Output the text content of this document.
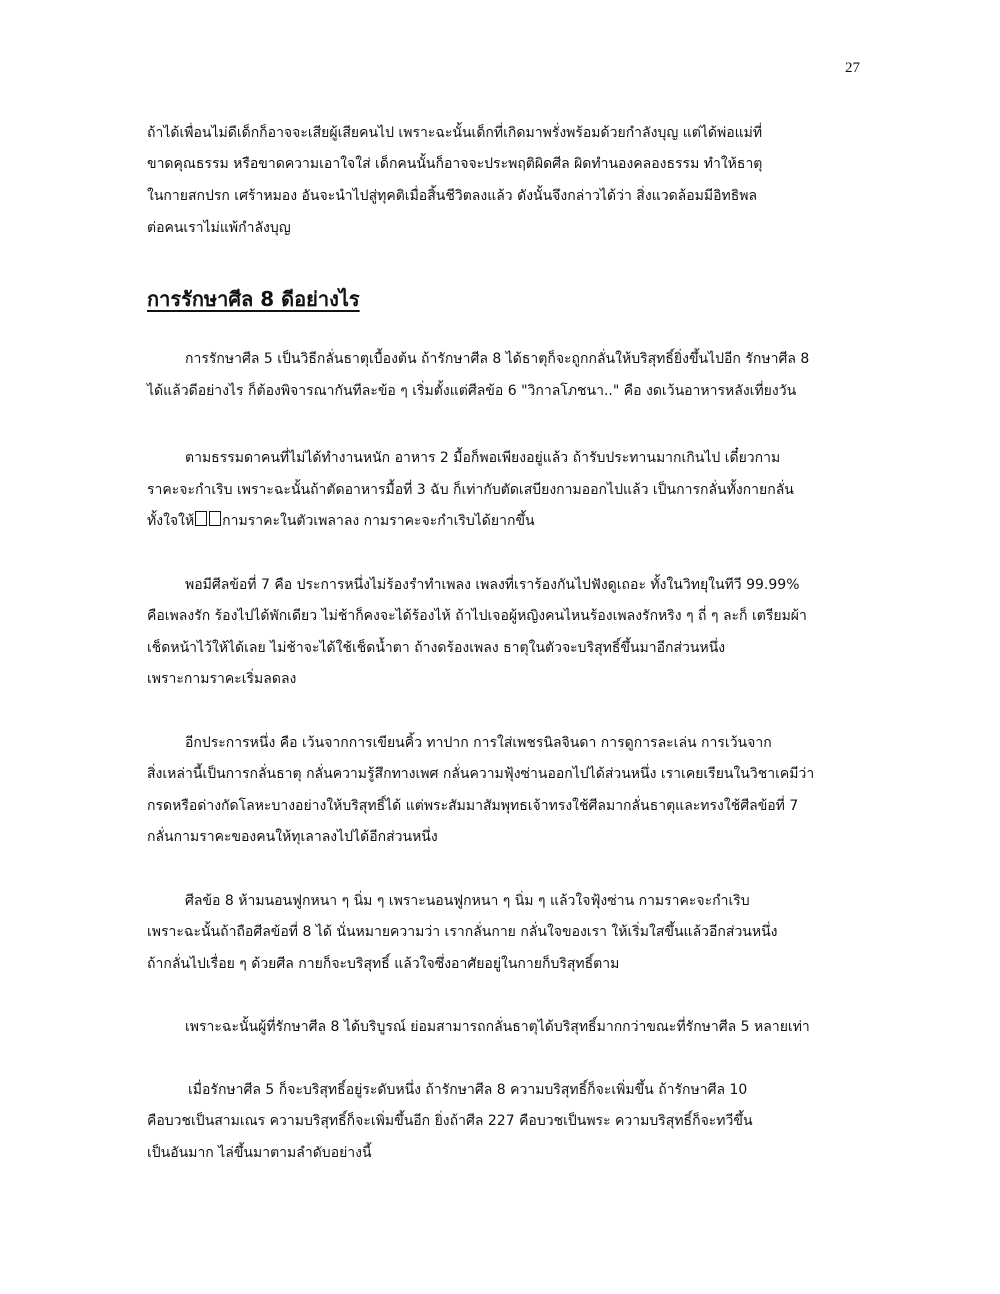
27
ถ้าได้เพื่อนไม่ดีเด็กก็อาจจะเสียผู้เสียคนไป เพราะฉะนั้นเด็กที่เกิดมาพรั่งพร้อมด้วยกำลังบุญ แต่ได้พ่อแม่ที่
ขาดคุณธรรม หรือขาดความเอาใจใส่ เด็กคนนั้นก็อาจจะประพฤติผิดศีล ผิดทำนองคลองธรรม ทำให้ธาตุ
ในกายสกปรก เศร้าหมอง อันจะนำไปสู่ทุคติเมื่อสิ้นชีวิตลงแล้ว ดังนั้นจึงกล่าวได้ว่า สิ่งแวดล้อมมีอิทธิพล
ต่อคนเราไม่แพ้กำลังบุญ
การรักษาศีล 8 ดีอย่างไร
การรักษาศีล 5 เป็นวิธีกลั่นธาตุเบื้องต้น ถ้ารักษาศีล 8 ได้ธาตุก็จะถูกกลั่นให้บริสุทธิ์ยิ่งขึ้นไปอีก รักษาศีล 8
ได้แล้วดีอย่างไร ก็ต้องพิจารณากันทีละข้อ ๆ เริ่มตั้งแต่ศีลข้อ 6 "วิกาลโภชนา.." คือ งดเว้นอาหารหลังเที่ยงวัน
ตามธรรมดาคนที่ไม่ได้ทำงานหนัก อาหาร 2 มื้อก็พอเพียงอยู่แล้ว ถ้ารับประทานมากเกินไป เดี๋ยวกาม
ราคะจะกำเริบ เพราะฉะนั้นถ้าตัดอาหารมื้อที่ 3 ฉับ ก็เท่ากับตัดเสบียงกามออกไปแล้ว เป็นการกลั่นทั้งกายกลั่น
ทั้งใจให้ กามราคะในตัวเพลาลง กามราคะจะกำเริบได้ยากขึ้น
พอมีศีลข้อที่ 7 คือ ประการหนึ่งไม่ร้องรำทำเพลง เพลงที่เราร้องกันไปฟังดูเถอะ ทั้งในวิทยุในทีวี 99.99%
คือเพลงรัก ร้องไปได้พักเดียว ไม่ช้าก็คงจะได้ร้องไห้ ถ้าไปเจอผู้หญิงคนไหนร้องเพลงรักหริง ๆ ถี่ ๆ ละก็ เตรียมผ้า
เช็ดหน้าไว้ให้ได้เลย ไม่ช้าจะได้ใช้เช็ดน้ำตา ถ้างดร้องเพลง ธาตุในตัวจะบริสุทธิ์ขึ้นมาอีกส่วนหนึ่ง
เพราะกามราคะเริ่มลดลง
อีกประการหนึ่ง คือ เว้นจากการเขียนคิ้ว ทาปาก การใส่เพชรนิลจินดา การดูการละเล่น การเว้นจาก
สิ่งเหล่านี้เป็นการกลั่นธาตุ กลั่นความรู้สึกทางเพศ กลั่นความฟุ้งซ่านออกไปได้ส่วนหนึ่ง เราเคยเรียนในวิชาเคมีว่า
กรดหรือด่างกัดโลหะบางอย่างให้บริสุทธิ์ได้ แต่พระสัมมาสัมพุทธเจ้าทรงใช้ศีลมากลั่นธาตุและทรงใช้ศีลข้อที่ 7
กลั่นกามราคะของคนให้ทุเลาลงไปได้อีกส่วนหนึ่ง
ศีลข้อ 8 ห้ามนอนฟูกหนา ๆ นิ่ม ๆ เพราะนอนฟูกหนา ๆ นิ่ม ๆ แล้วใจฟุ้งซ่าน กามราคะจะกำเริบ
เพราะฉะนั้นถ้าถือศีลข้อที่ 8 ได้ นั่นหมายความว่า เรากลั่นกาย กลั่นใจของเรา ให้เริ่มใสขึ้นแล้วอีกส่วนหนึ่ง
ถ้ากลั่นไปเรื่อย ๆ ด้วยศีล กายก็จะบริสุทธิ์ แล้วใจซึ่งอาศัยอยู่ในกายก็บริสุทธิ์ตาม
เพราะฉะนั้นผู้ที่รักษาศีล 8 ได้บริบูรณ์ ย่อมสามารถกลั่นธาตุได้บริสุทธิ์มากกว่าขณะที่รักษาศีล 5 หลายเท่า
เมื่อรักษาศีล 5 ก็จะบริสุทธิ์อยู่ระดับหนึ่ง ถ้ารักษาศีล 8 ความบริสุทธิ์ก็จะเพิ่มขึ้น ถ้ารักษาศีล 10
คือบวชเป็นสามเณร ความบริสุทธิ์ก็จะเพิ่มขึ้นอีก ยิ่งถ้าศีล 227 คือบวชเป็นพระ ความบริสุทธิ์ก็จะทวีขึ้น
เป็นอันมาก ไล่ขึ้นมาตามลำดับอย่างนี้
